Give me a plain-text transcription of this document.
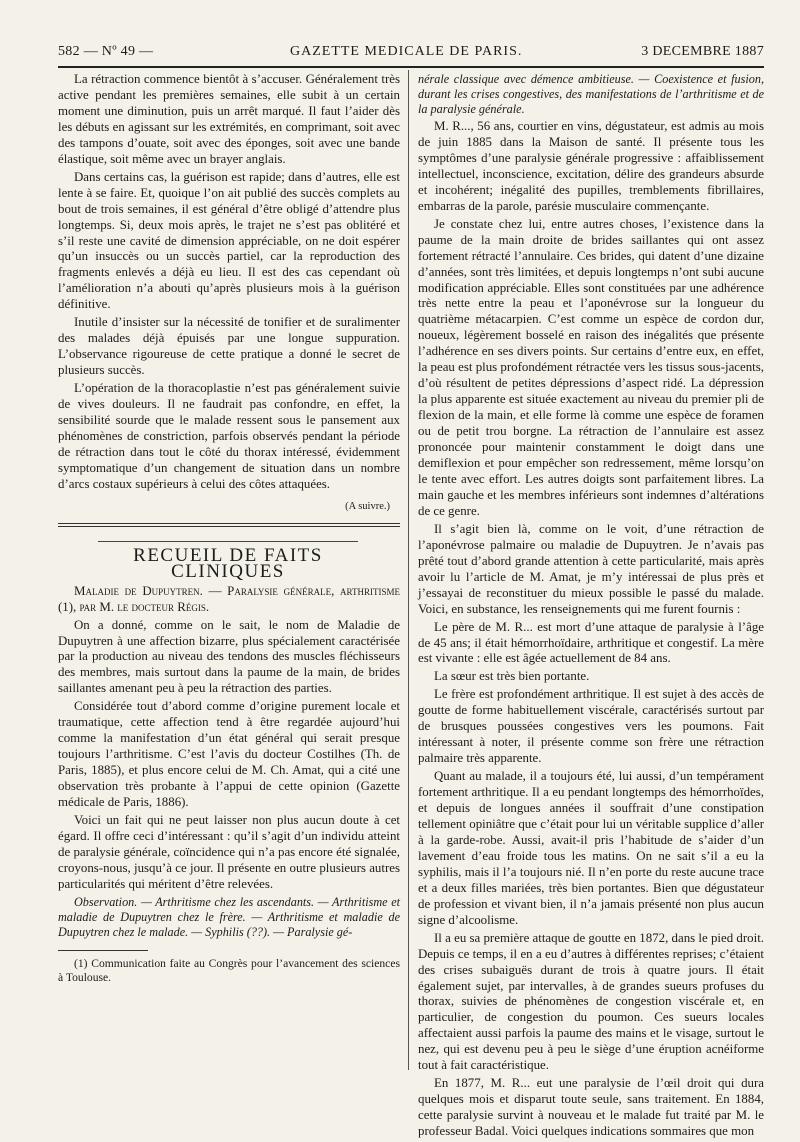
582 — Nº 49 —	GAZETTE MEDICALE DE PARIS.	3 DECEMBRE 1887

La rétraction commence bientôt à s’accuser. Généralement très active pendant les premières semaines, elle subit à un certain moment une diminution, puis un arrêt marqué. Il faut l’aider dès les débuts en agissant sur les extrémités, en comprimant, soit avec des tampons d’ouate, soit avec des éponges, soit avec une bande élastique, soit même avec un brayer anglais.

Dans certains cas, la guérison est rapide; dans d’autres, elle est lente à se faire. Et, quoique l’on ait publié des succès complets au bout de trois semaines, il est général d’être obligé d’attendre plus longtemps. Si, deux mois après, le trajet ne s’est pas oblitéré et s’il reste une cavité de dimension appréciable, on ne doit espérer qu’un insuccès ou un succès partiel, car la reproduction des fragments enlevés a déjà eu lieu. Il est des cas cependant où l’amélioration n’a abouti qu’après plusieurs mois à la guérison définitive.

Inutile d’insister sur la nécessité de tonifier et de suralimenter des malades déjà épuisés par une longue suppuration. L’observance rigoureuse de cette pratique a donné le secret de plusieurs succès.

L’opération de la thoracoplastie n’est pas généralement suivie de vives douleurs. Il ne faudrait pas confondre, en effet, la sensibilité sourde que le malade ressent sous le pansement aux phénomènes de constriction, parfois observés pendant la période de rétraction dans tout le côté du thorax intéressé, évidemment symptomatique d’un changement de situation dans un nombre d’arcs costaux supérieurs à celui des côtes attaquées.

(A suivre.)

RECUEIL DE FAITS CLINIQUES

Maladie de Dupuytren. — Paralysie générale, arthritisme (1), par M. le docteur Régis.

On a donné, comme on le sait, le nom de Maladie de Dupuytren à une affection bizarre, plus spécialement caractérisée par la production au niveau des tendons des muscles fléchisseurs des membres, mais surtout dans la paume de la main, de brides saillantes amenant peu à peu la rétraction des parties.

Considérée tout d’abord comme d’origine purement locale et traumatique, cette affection tend à être regardée aujourd’hui comme la manifestation d’un état général qui serait presque toujours l’arthritisme. C’est l’avis du docteur Costilhes (Th. de Paris, 1885), et plus encore celui de M. Ch. Amat, qui a cité une observation très probante à l’appui de cette opinion (Gazette médicale de Paris, 1886).

Voici un fait qui ne peut laisser non plus aucun doute à cet égard. Il offre ceci d’intéressant : qu’il s’agit d’un individu atteint de paralysie générale, coïncidence qui n’a pas encore été signalée, croyons-nous, jusqu’à ce jour. Il présente en outre plusieurs autres particularités qui méritent d’être relevées.

Observation. — Arthritisme chez les ascendants. — Arthritisme et maladie de Dupuytren chez le frère. — Arthritisme et maladie de Dupuytren chez le malade. — Syphilis (??). — Paralysie gé-

(1) Communication faite au Congrès pour l’avancement des sciences à Toulouse.

nérale classique avec démence ambitieuse. — Coexistence et fusion, durant les crises congestives, des manifestations de l’arthritisme et de la paralysie générale.

M. R..., 56 ans, courtier en vins, dégustateur, est admis au mois de juin 1885 dans la Maison de santé. Il présente tous les symptômes d’une paralysie générale progressive : affaiblissement intellectuel, inconscience, excitation, délire des grandeurs absurde et incohérent; inégalité des pupilles, tremblements fibrillaires, embarras de la parole, parésie musculaire commençante.

Je constate chez lui, entre autres choses, l’existence dans la paume de la main droite de brides saillantes qui ont assez fortement rétracté l’annulaire. Ces brides, qui datent d’une dizaine d’années, sont très limitées, et depuis longtemps n’ont subi aucune modification appréciable. Elles sont constituées par une adhérence très nette entre la peau et l’aponévrose sur la longueur du quatrième métacarpien. C’est comme un espèce de cordon dur, noueux, légèrement bosselé en raison des inégalités que présente l’adhérence en ses divers points. Sur certains d’entre eux, en effet, la peau est plus profondément rétractée vers les tissus sous-jacents, d’où résultent de petites dépressions d’aspect ridé. La dépression la plus apparente est située exactement au niveau du premier pli de flexion de la main, et elle forme là comme une espèce de foramen ou de petit trou borgne. La rétraction de l’annulaire est assez prononcée pour maintenir constamment le doigt dans une demiflexion et pour empêcher son redressement, même lorsqu’on le tente avec effort. Les autres doigts sont parfaitement libres. La main gauche et les membres inférieurs sont indemnes d’altérations de ce genre.

Il s’agit bien là, comme on le voit, d’une rétraction de l’aponévrose palmaire ou maladie de Dupuytren. Je n’avais pas prêté tout d’abord grande attention à cette particularité, mais après avoir lu l’article de M. Amat, je m’y intéressai de plus près et j’essayai de reconstituer du mieux possible le passé du malade. Voici, en substance, les renseignements qui me furent fournis :

Le père de M. R... est mort d’une attaque de paralysie à l’âge de 45 ans; il était hémorrhoïdaire, arthritique et congestif. La mère est vivante : elle est âgée actuellement de 84 ans.

La sœur est très bien portante.

Le frère est profondément arthritique. Il est sujet à des accès de goutte de forme habituellement viscérale, caractérisés surtout par de brusques poussées congestives vers les poumons. Fait intéressant à noter, il présente comme son frère une rétraction palmaire très apparente.

Quant au malade, il a toujours été, lui aussi, d’un tempérament fortement arthritique. Il a eu pendant longtemps des hémorrhoïdes, et depuis de longues années il souffrait d’une constipation tellement opiniâtre que c’était pour lui un véritable supplice d’aller à la garde-robe. Aussi, avait-il pris l’habitude de s’aider d’un lavement d’eau froide tous les matins. On ne sait s’il a eu la syphilis, mais il l’a toujours nié. Il n’en porte du reste aucune trace et a deux filles mariées, très bien portantes. Bien que dégustateur de profession et vivant bien, il n’a jamais présenté non plus aucun signe d’alcoolisme.

Il a eu sa première attaque de goutte en 1872, dans le pied droit. Depuis ce temps, il en a eu d’autres à différentes reprises; c’étaient des crises subaiguës durant de trois à quatre jours. Il était également sujet, par intervalles, à de grandes sueurs profuses du thorax, suivies de phénomènes de congestion viscérale et, en particulier, de congestion du poumon. Ces sueurs locales affectaient aussi parfois la paume des mains et le visage, surtout le nez, qui est devenu peu à peu le siège d’une éruption acnéiforme tout à fait caractéristique.

En 1877, M. R... eut une paralysie de l’œil droit qui dura quelques mois et disparut toute seule, sans traitement. En 1884, cette paralysie survint à nouveau et le malade fut traité par M. le professeur Badal. Voici quelques indications sommaires que mon
